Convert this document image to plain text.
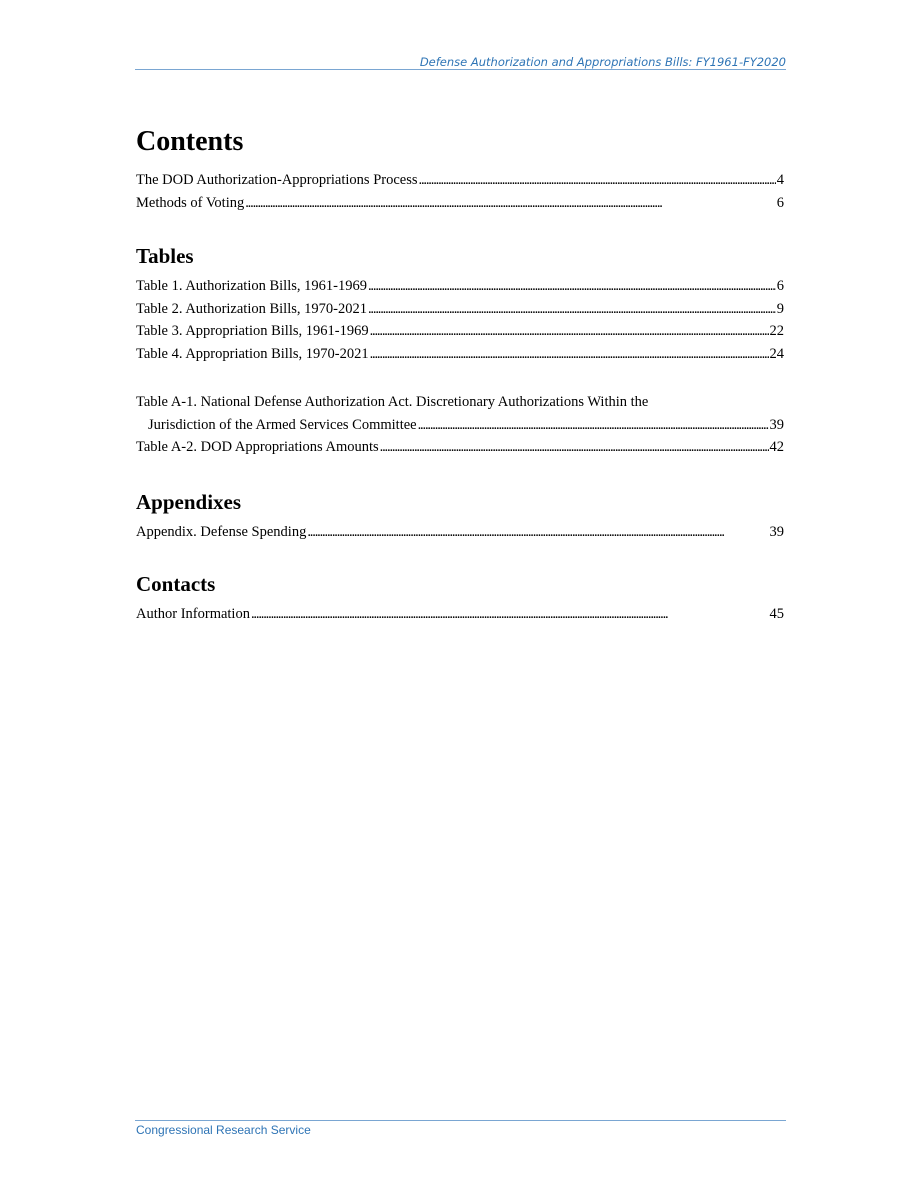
Defense Authorization and Appropriations Bills: FY1961-FY2020
Contents
The DOD Authorization-Appropriations Process . . .	4
Methods of Voting . . .	6
Tables
Table 1. Authorization Bills, 1961-1969 . . .	6
Table 2. Authorization Bills, 1970-2021 . . .	9
Table 3. Appropriation Bills, 1961-1969 . . .	22
Table 4. Appropriation Bills, 1970-2021 . . .	24
Table A-1. National Defense Authorization Act. Discretionary Authorizations Within the
Jurisdiction of the Armed Services Committee . . .	39
Table A-2. DOD Appropriations Amounts . . .	42
Appendixes
Appendix. Defense Spending . . .	39
Contacts
Author Information . . .	45
Congressional Research Service
